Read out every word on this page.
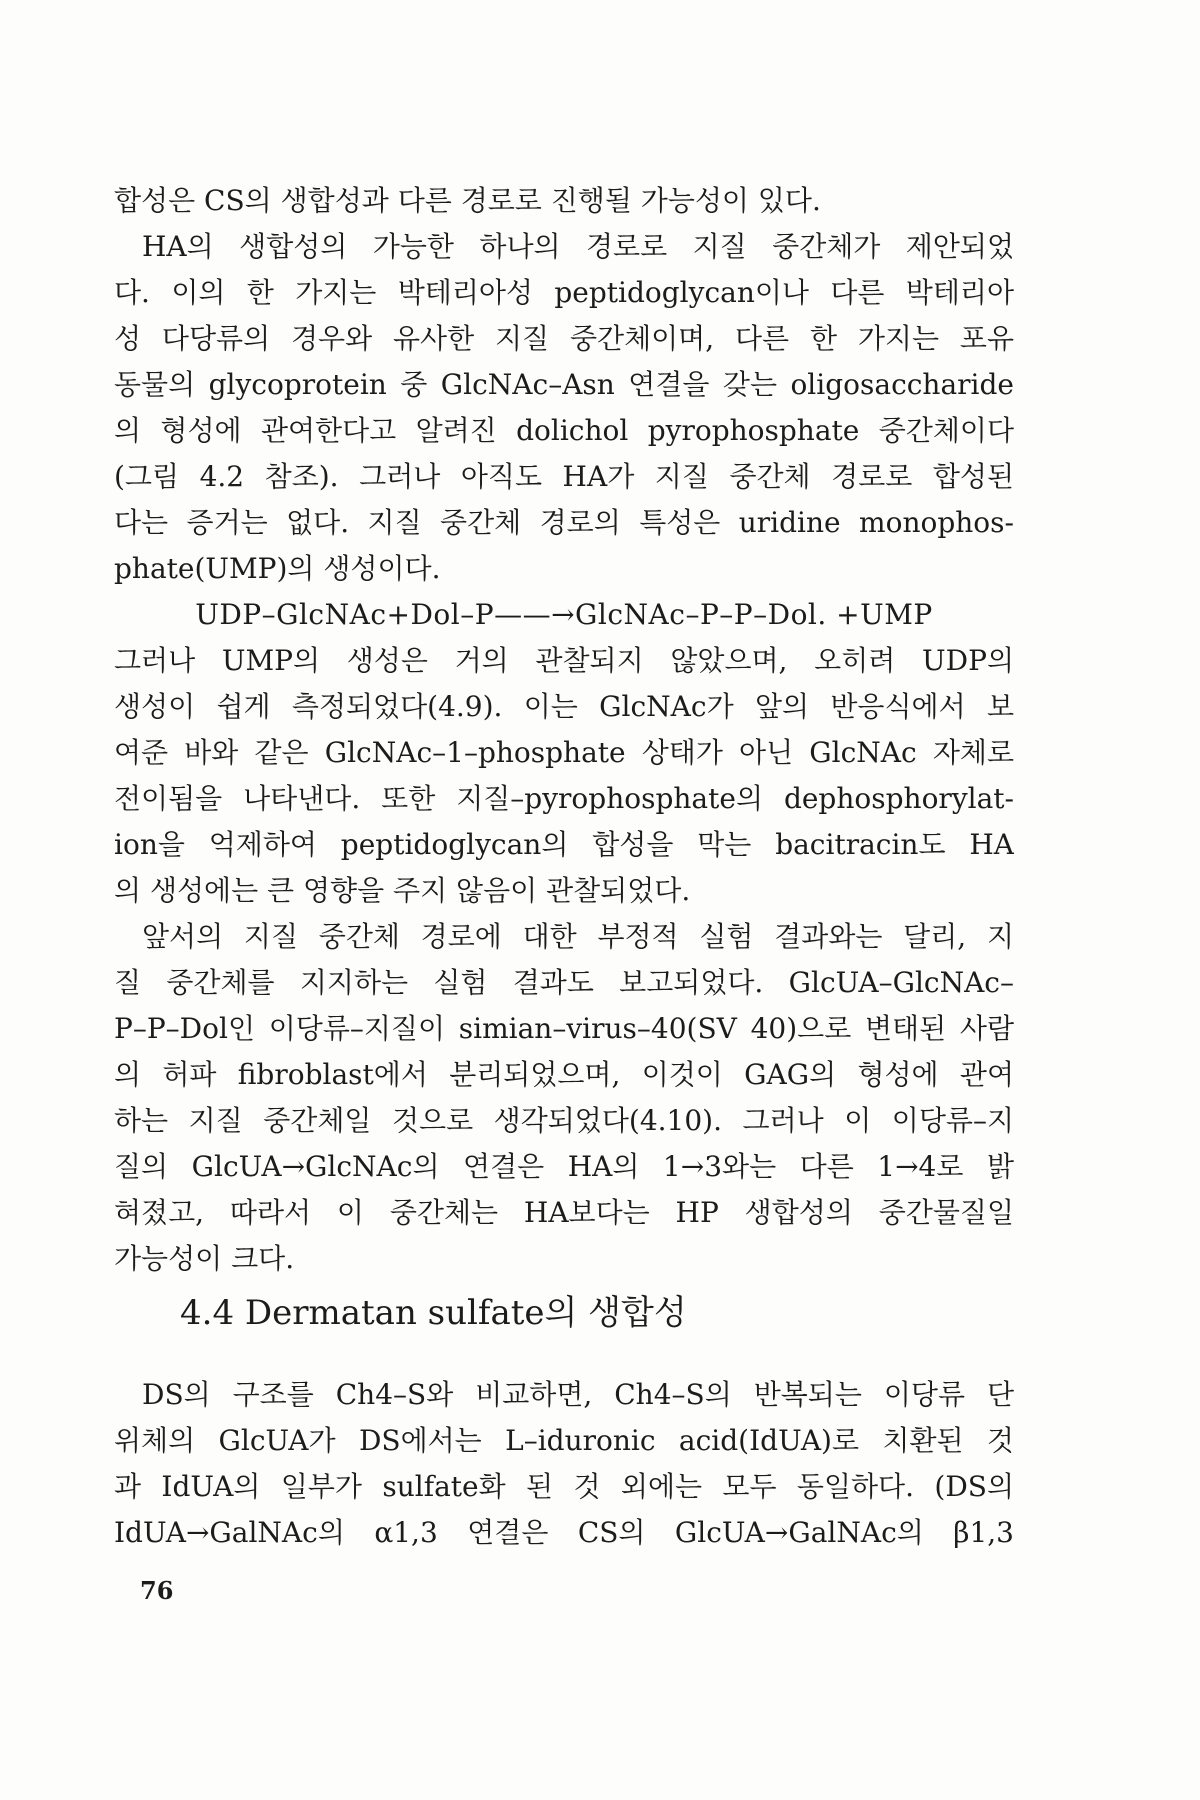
합성은 CS의 생합성과 다른 경로로 진행될 가능성이 있다.
HA의 생합성의 가능한 하나의 경로로 지질 중간체가 제안되었
다. 이의 한 가지는 박테리아성 peptidoglycan이나 다른 박테리아
성 다당류의 경우와 유사한 지질 중간체이며, 다른 한 가지는 포유
동물의 glycoprotein 중 GlcNAc–Asn 연결을 갖는 oligosaccharide
의 형성에 관여한다고 알려진 dolichol pyrophosphate 중간체이다
(그림 4.2 참조). 그러나 아직도 HA가 지질 중간체 경로로 합성된
다는 증거는 없다. 지질 중간체 경로의 특성은 uridine monophos-
phate(UMP)의 생성이다.
UDP–GlcNAc+Dol–P——→GlcNAc–P–P–Dol. +UMP
그러나 UMP의 생성은 거의 관찰되지 않았으며, 오히려 UDP의
생성이 쉽게 측정되었다(4.9). 이는 GlcNAc가 앞의 반응식에서 보
여준 바와 같은 GlcNAc–1–phosphate 상태가 아닌 GlcNAc 자체로
전이됨을 나타낸다. 또한 지질–pyrophosphate의 dephosphorylat-
ion을 억제하여 peptidoglycan의 합성을 막는 bacitracin도 HA
의 생성에는 큰 영향을 주지 않음이 관찰되었다.
앞서의 지질 중간체 경로에 대한 부정적 실험 결과와는 달리, 지
질 중간체를 지지하는 실험 결과도 보고되었다. GlcUA–GlcNAc–
P–P–Dol인 이당류–지질이 simian–virus–40(SV 40)으로 변태된 사람
의 허파 fibroblast에서 분리되었으며, 이것이 GAG의 형성에 관여
하는 지질 중간체일 것으로 생각되었다(4.10). 그러나 이 이당류–지
질의 GlcUA→GlcNAc의 연결은 HA의 1→3와는 다른 1→4로 밝
혀졌고, 따라서 이 중간체는 HA보다는 HP 생합성의 중간물질일
가능성이 크다.
4.4 Dermatan sulfate의 생합성
DS의 구조를 Ch4–S와 비교하면, Ch4–S의 반복되는 이당류 단
위체의 GlcUA가 DS에서는 L–iduronic acid(IdUA)로 치환된 것
과 IdUA의 일부가 sulfate화 된 것 외에는 모두 동일하다. (DS의
IdUA→GalNAc의 α1,3 연결은 CS의 GlcUA→GalNAc의 β1,3
76
